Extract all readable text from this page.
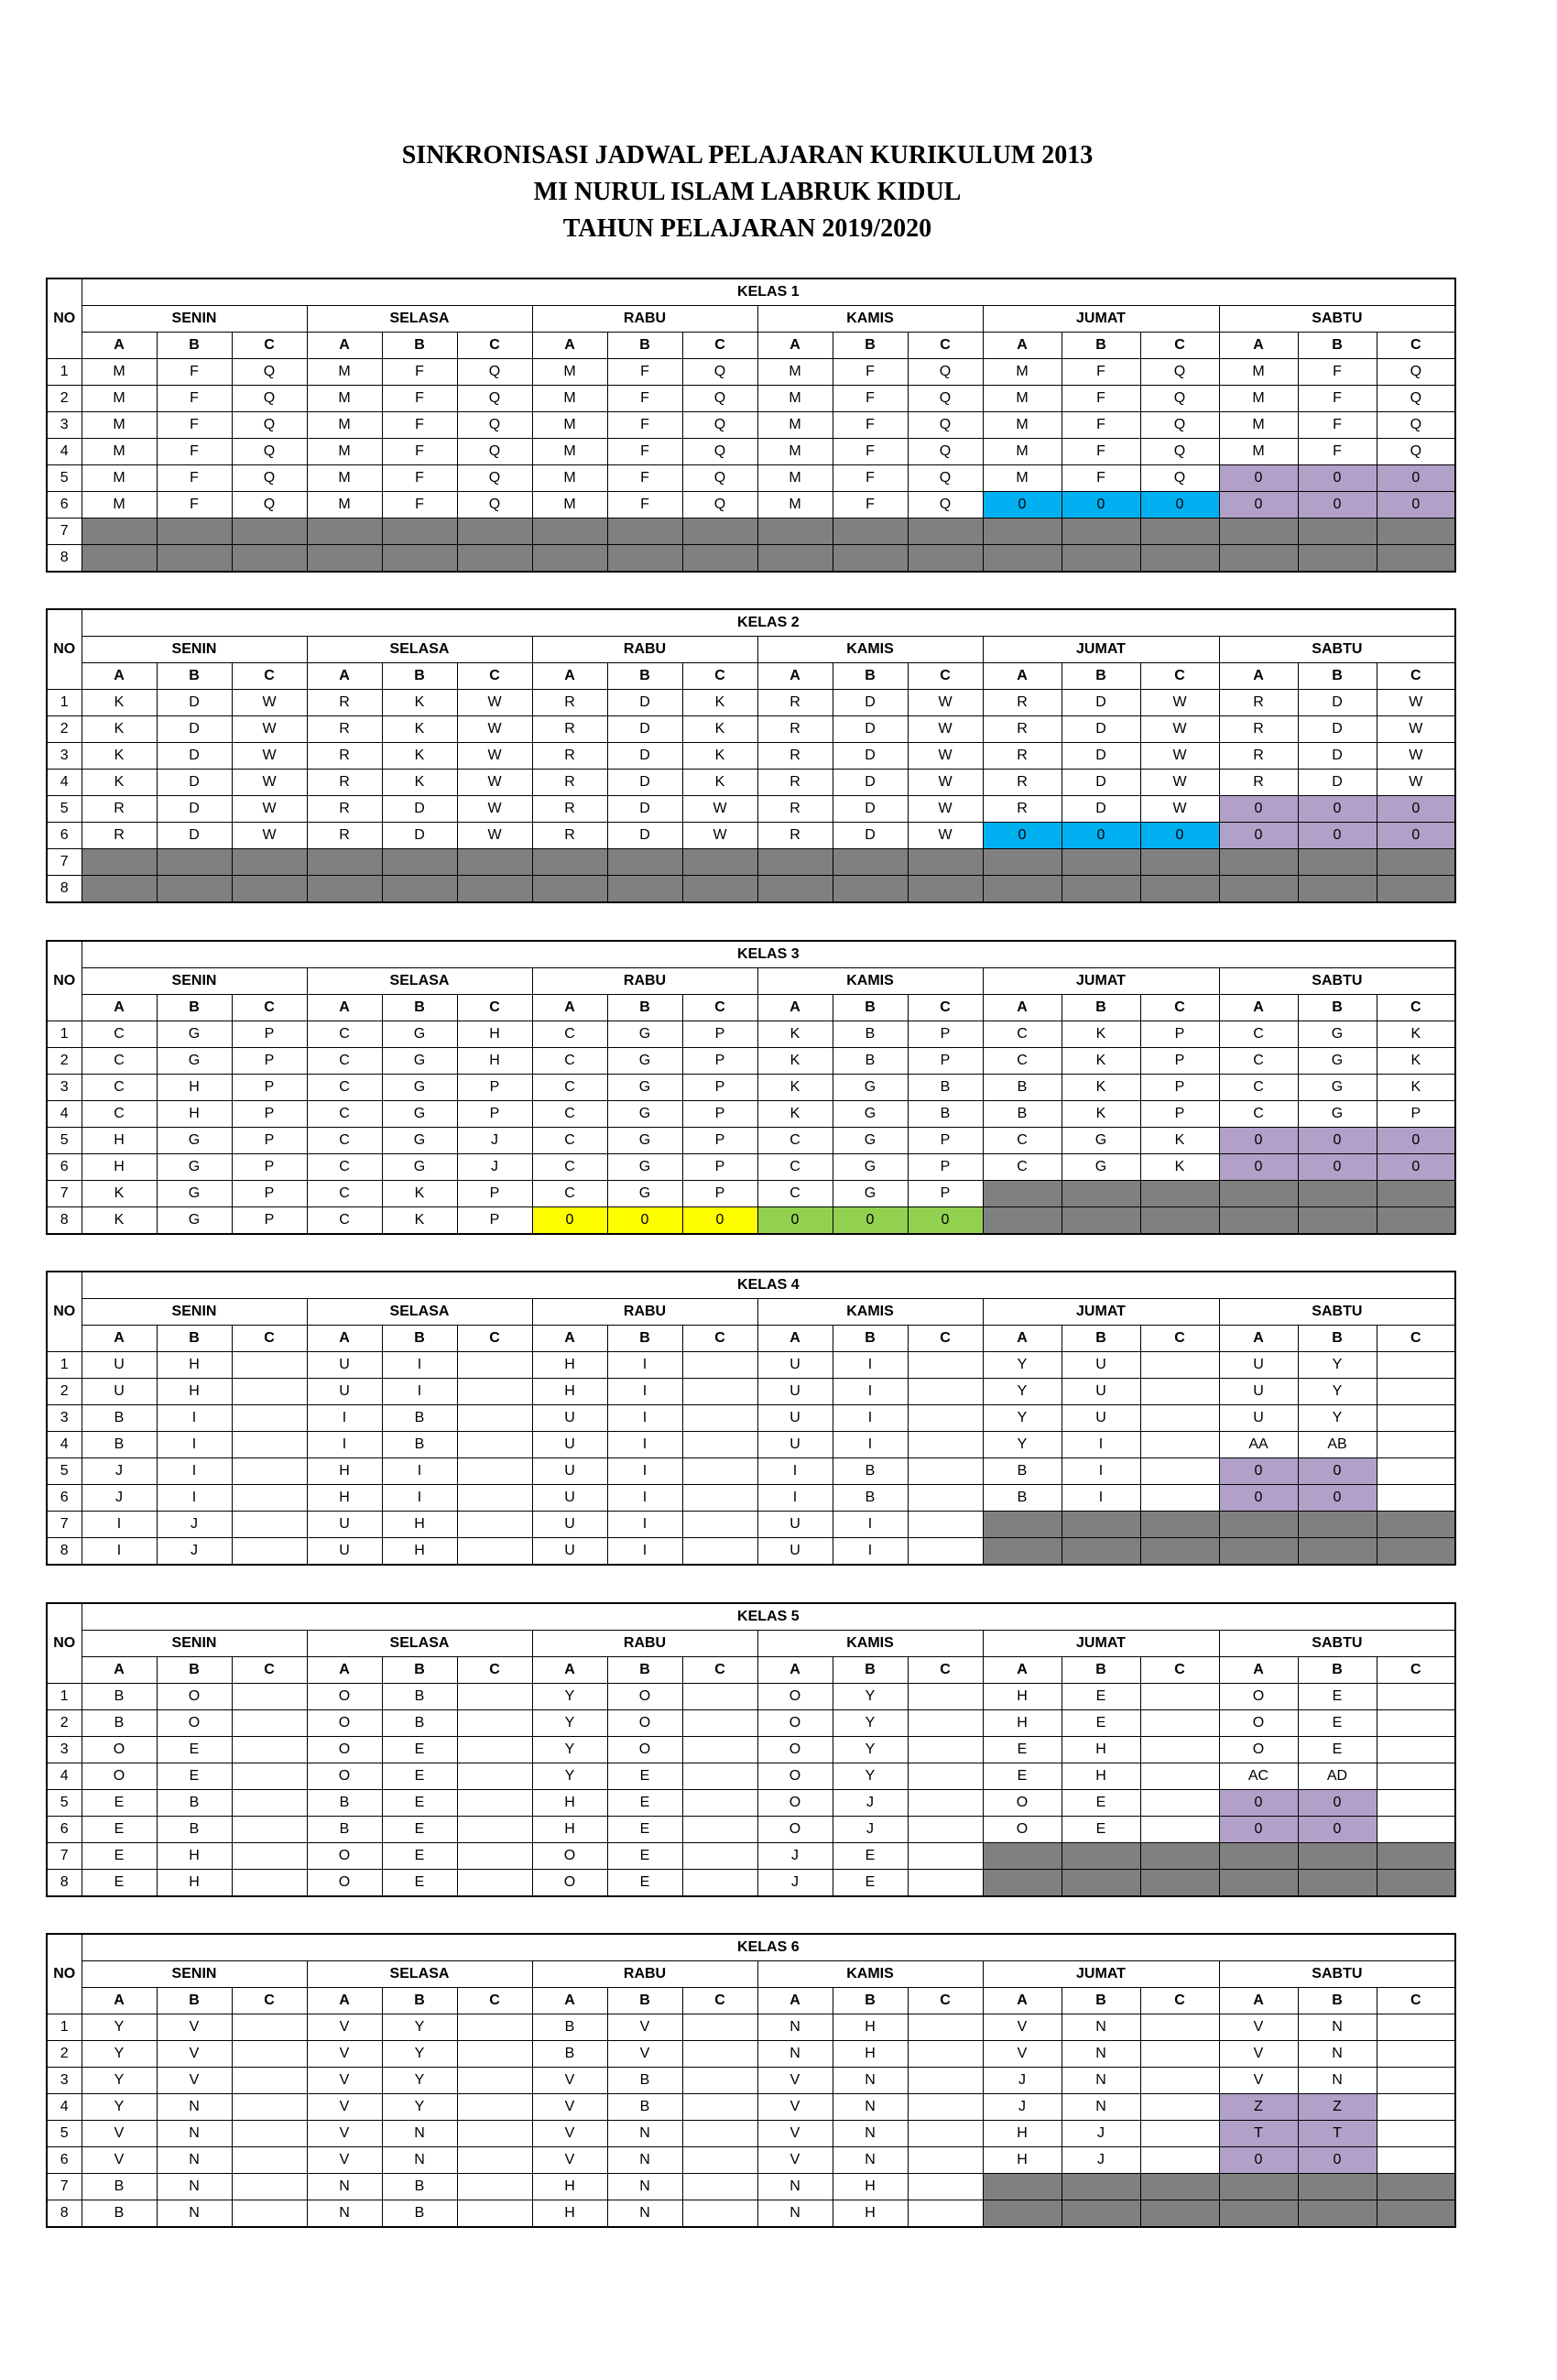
SINKRONISASI JADWAL PELAJARAN KURIKULUM 2013
MI NURUL ISLAM LABRUK KIDUL
TAHUN PELAJARAN 2019/2020
NO	KELAS 1																	
	SENIN			SELASA			RABU			KAMIS			JUMAT			SABTU		
	A	B	C	A	B	C	A	B	C	A	B	C	A	B	C	A	B	C
1	M	F	Q	M	F	Q	M	F	Q	M	F	Q	M	F	Q	M	F	Q
2	M	F	Q	M	F	Q	M	F	Q	M	F	Q	M	F	Q	M	F	Q
3	M	F	Q	M	F	Q	M	F	Q	M	F	Q	M	F	Q	M	F	Q
4	M	F	Q	M	F	Q	M	F	Q	M	F	Q	M	F	Q	M	F	Q
5	M	F	Q	M	F	Q	M	F	Q	M	F	Q	M	F	Q	0	0	0
6	M	F	Q	M	F	Q	M	F	Q	M	F	Q	0	0	0	0	0	0
7																		
8																		
NO	KELAS 2																	
	SENIN			SELASA			RABU			KAMIS			JUMAT			SABTU		
	A	B	C	A	B	C	A	B	C	A	B	C	A	B	C	A	B	C
1	K	D	W	R	K	W	R	D	K	R	D	W	R	D	W	R	D	W
2	K	D	W	R	K	W	R	D	K	R	D	W	R	D	W	R	D	W
3	K	D	W	R	K	W	R	D	K	R	D	W	R	D	W	R	D	W
4	K	D	W	R	K	W	R	D	K	R	D	W	R	D	W	R	D	W
5	R	D	W	R	D	W	R	D	W	R	D	W	R	D	W	0	0	0
6	R	D	W	R	D	W	R	D	W	R	D	W	0	0	0	0	0	0
7																		
8																		
NO	KELAS 3																	
	SENIN			SELASA			RABU			KAMIS			JUMAT			SABTU		
	A	B	C	A	B	C	A	B	C	A	B	C	A	B	C	A	B	C
1	C	G	P	C	G	H	C	G	P	K	B	P	C	K	P	C	G	K
2	C	G	P	C	G	H	C	G	P	K	B	P	C	K	P	C	G	K
3	C	H	P	C	G	P	C	G	P	K	G	B	B	K	P	C	G	K
4	C	H	P	C	G	P	C	G	P	K	G	B	B	K	P	C	G	P
5	H	G	P	C	G	J	C	G	P	C	G	P	C	G	K	0	0	0
6	H	G	P	C	G	J	C	G	P	C	G	P	C	G	K	0	0	0
7	K	G	P	C	K	P	C	G	P	C	G	P						
8	K	G	P	C	K	P	0	0	0	0	0	0						
NO	KELAS 4																	
	SENIN			SELASA			RABU			KAMIS			JUMAT			SABTU		
	A	B	C	A	B	C	A	B	C	A	B	C	A	B	C	A	B	C
1	U	H		U	I		H	I		U	I		Y	U		U	Y	
2	U	H		U	I		H	I		U	I		Y	U		U	Y	
3	B	I		I	B		U	I		U	I		Y	U		U	Y	
4	B	I		I	B		U	I		U	I		Y	I		AA	AB	
5	J	I		H	I		U	I		I	B		B	I		0	0	
6	J	I		H	I		U	I		I	B		B	I		0	0	
7	I	J		U	H		U	I		U	I							
8	I	J		U	H		U	I		U	I							
NO	KELAS 5																	
	SENIN			SELASA			RABU			KAMIS			JUMAT			SABTU		
	A	B	C	A	B	C	A	B	C	A	B	C	A	B	C	A	B	C
1	B	O		O	B		Y	O		O	Y		H	E		O	E	
2	B	O		O	B		Y	O		O	Y		H	E		O	E	
3	O	E		O	E		Y	O		O	Y		E	H		O	E	
4	O	E		O	E		Y	E		O	Y		E	H		AC	AD	
5	E	B		B	E		H	E		O	J		O	E		0	0	
6	E	B		B	E		H	E		O	J		O	E		0	0	
7	E	H		O	E		O	E		J	E							
8	E	H		O	E		O	E		J	E							
NO	KELAS 6																	
	SENIN			SELASA			RABU			KAMIS			JUMAT			SABTU		
	A	B	C	A	B	C	A	B	C	A	B	C	A	B	C	A	B	C
1	Y	V		V	Y		B	V		N	H		V	N		V	N	
2	Y	V		V	Y		B	V		N	H		V	N		V	N	
3	Y	V		V	Y		V	B		V	N		J	N		V	N	
4	Y	N		V	Y		V	B		V	N		J	N		Z	Z	
5	V	N		V	N		V	N		V	N		H	J		T	T	
6	V	N		V	N		V	N		V	N		H	J		0	0	
7	B	N		N	B		H	N		N	H							
8	B	N		N	B		H	N		N	H							
